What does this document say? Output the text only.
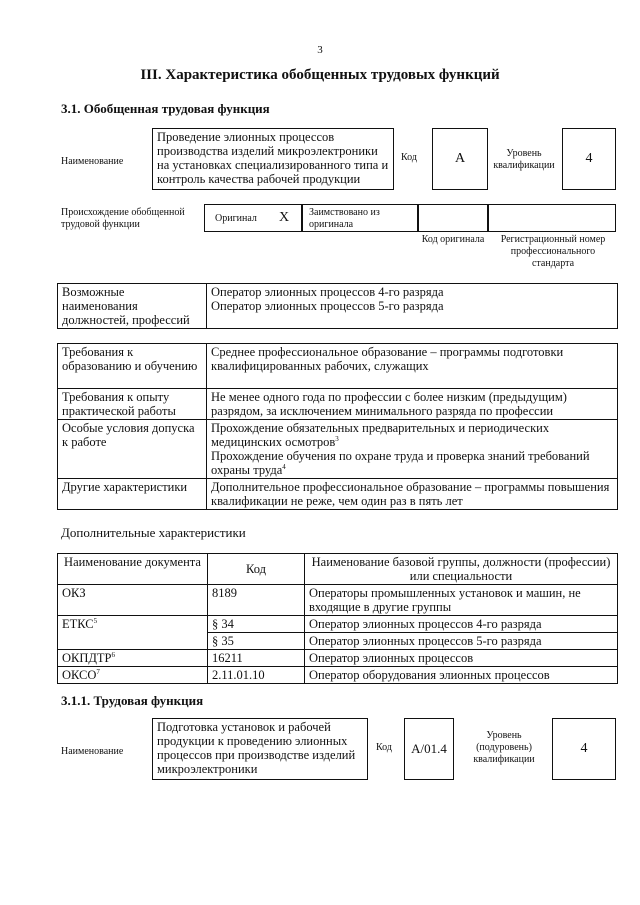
3
III. Характеристика обобщенных трудовых функций
3.1. Обобщенная трудовая функция
Наименование
Проведение элионных процессов производства изделий микроэлектроники на установках специализированного типа и контроль качества рабочей продукции
Код	A	Уровень квалификации	4
Происхождение обобщенной трудовой функции
Оригинал X Заимствовано из оригинала
Код оригинала	Регистрационный номер профессионального стандарта
Возможные наименования должностей, профессий	
Оператор элионных процессов 4-го разряда
Оператор элионных процессов 5-го разряда
Требования к образованию и обучению	Среднее профессиональное образование – программы подготовки квалифицированных рабочих, служащих
Требования к опыту практической работы	Не менее одного года по профессии с более низким (предыдущим) разрядом, за исключением минимального разряда по профессии
Особые условия допуска к работе	Прохождение обязательных предварительных и периодических медицинских осмотров$^3$
Прохождение обучения по охране труда и проверка знаний требований охраны труда$^4$

Другие характеристики	Дополнительное профессиональное образование – программы повышения квалификации не реже, чем один раз в пять лет
Дополнительные характеристики
Наименование документа	Код	Наименование базовой группы, должности (профессии) или специальности
ОКЗ	8189	Операторы промышленных установок и машин, не входящие в другие группы
ЕТКС$^5$	§ 34	Оператор элионных процессов 4-го разряда
	§ 35	Оператор элионных процессов 5-го разряда
ОКПДТР$^6$	16211	Оператор элионных процессов
ОКСО$^7$	2.11.01.10	Оператор оборудования элионных процессов
3.1.1. Трудовая функция
Наименование
Подготовка установок и рабочей продукции к проведению элионных процессов при производстве изделий микроэлектроники
Код	A/01.4
Уровень (подуровень) квалификации
4
